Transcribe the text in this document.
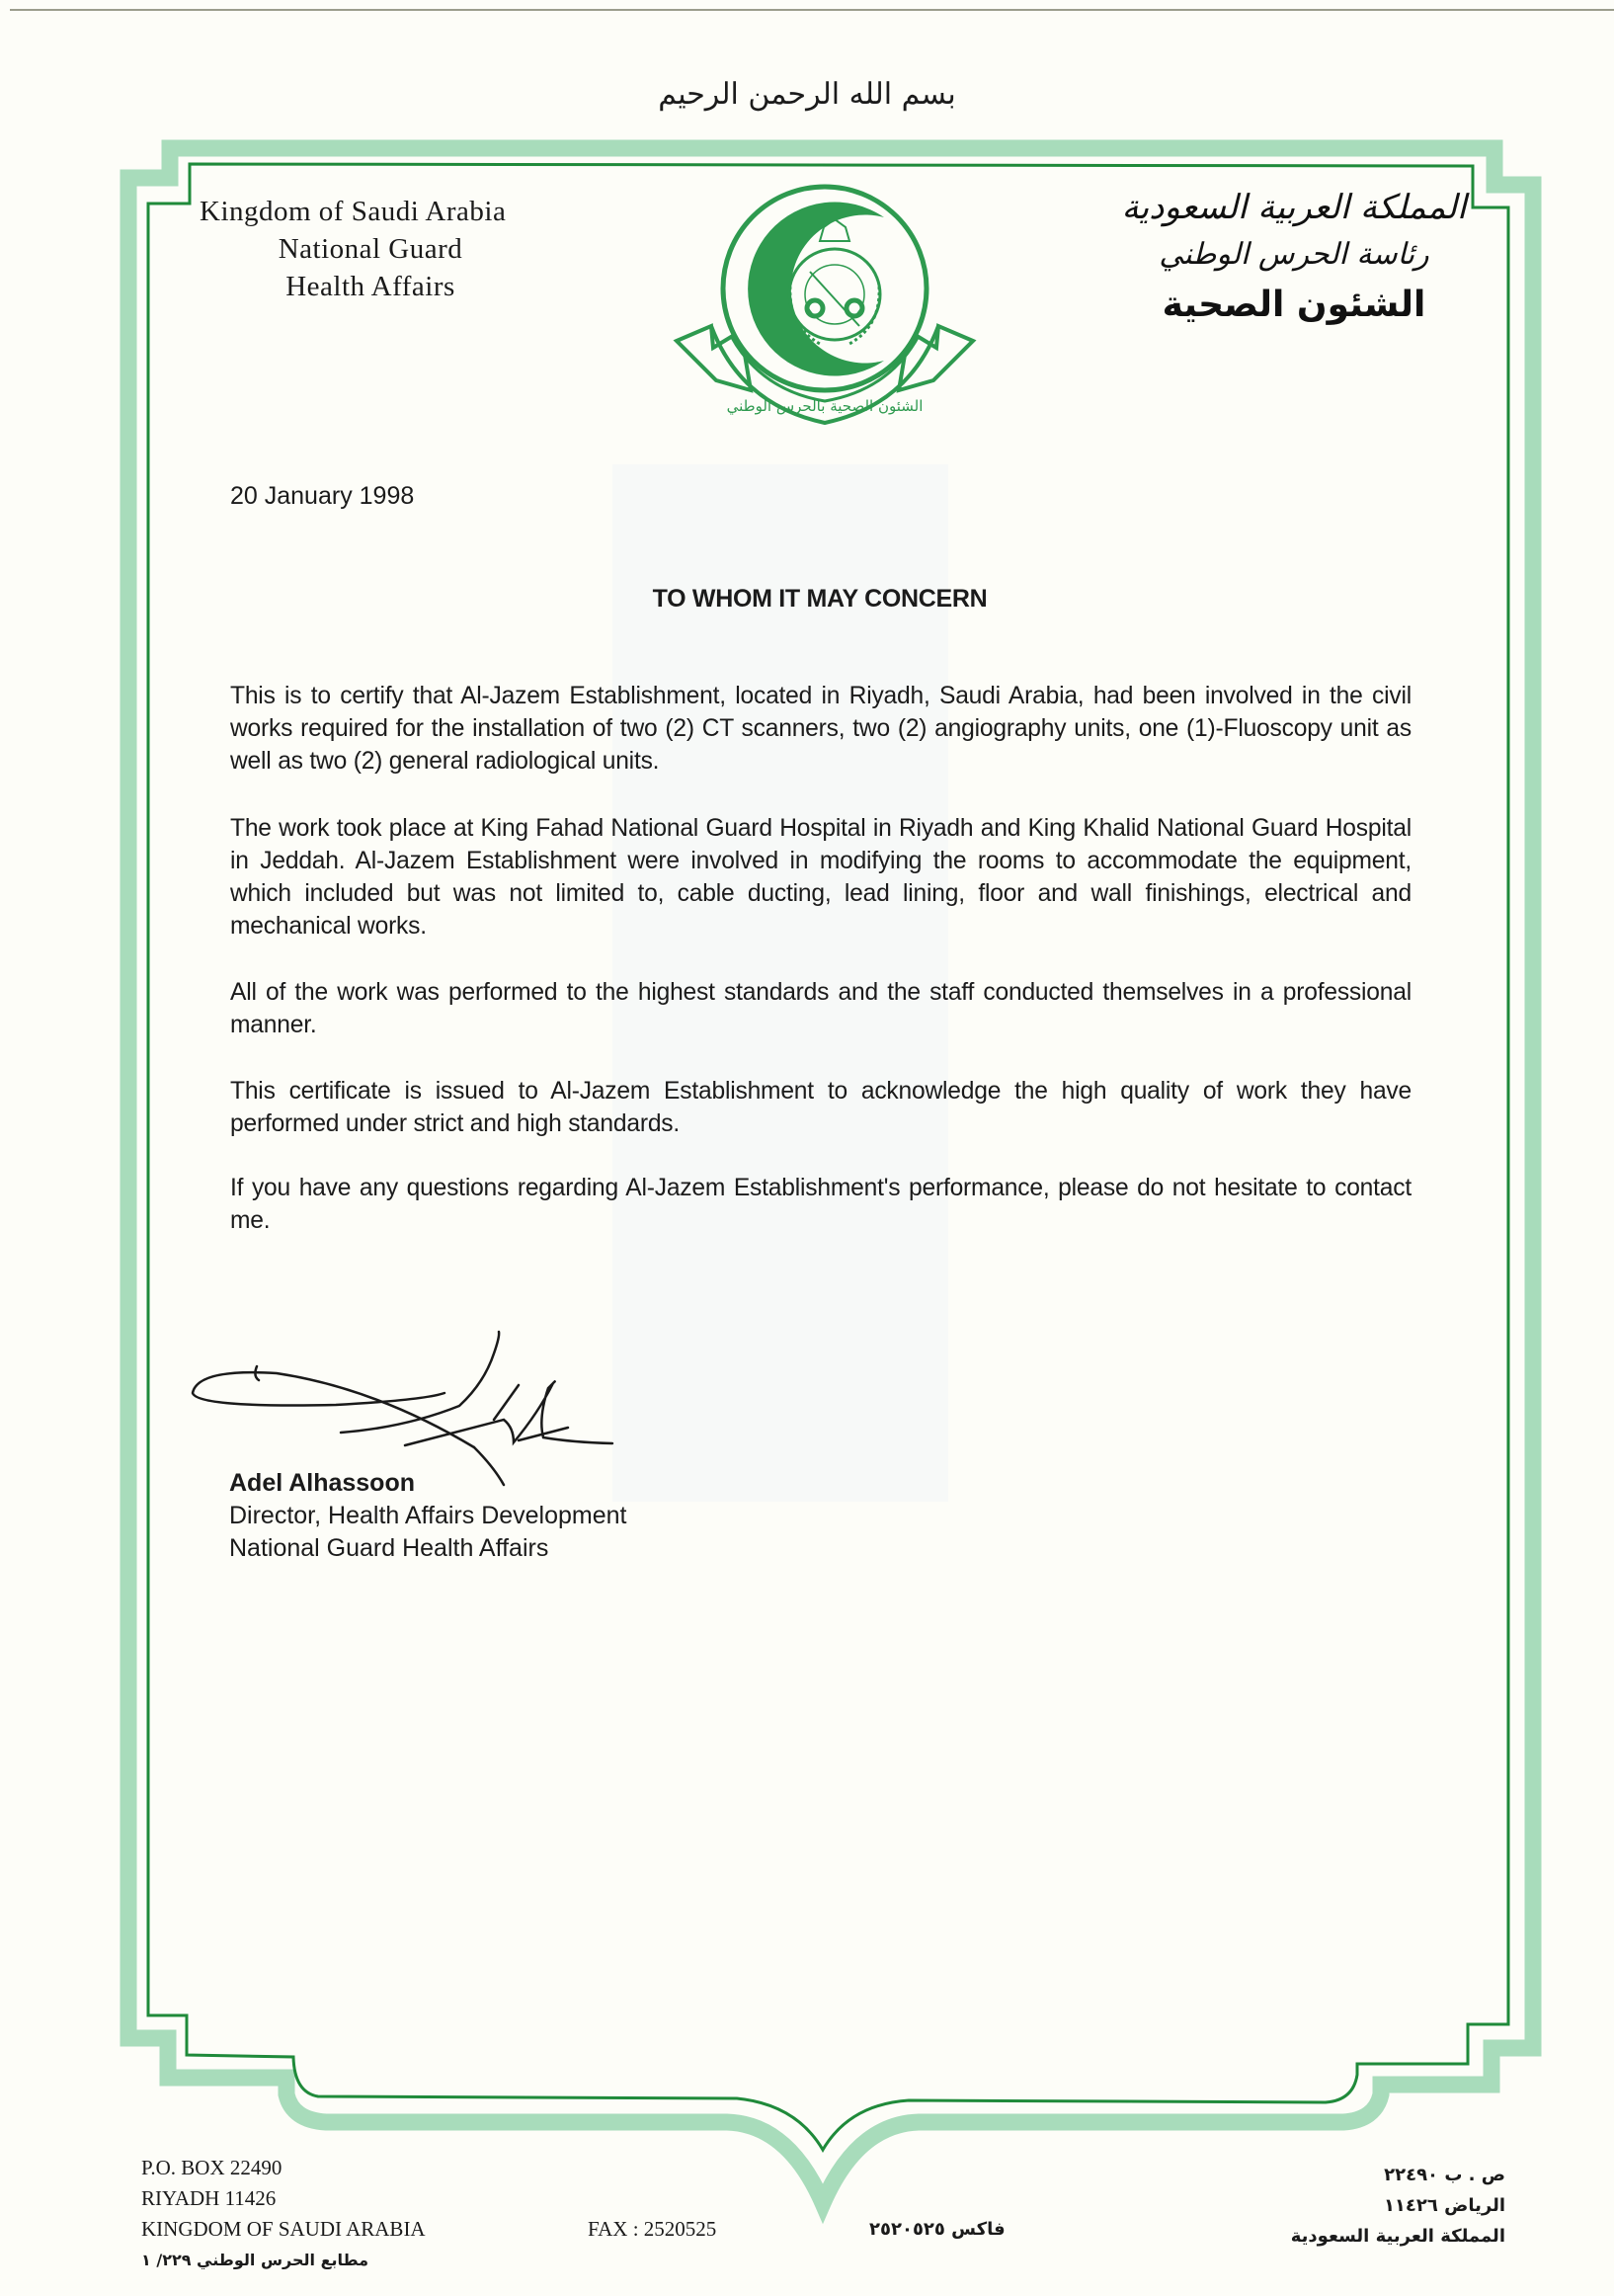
بسم الله الرحمن الرحيم
Kingdom of Saudi Arabia
National Guard
Health Affairs
المملكة العربية السعودية
رئاسة الحرس الوطني
الشئون الصحية
الشئون الصحية بالحرس الوطني
20 January 1998
TO WHOM IT MAY CONCERN
This is to certify that Al-Jazem Establishment, located in Riyadh, Saudi Arabia, had been involved in the civil works required for the installation of two (2) CT scanners, two (2) angiography units, one (1)-Fluoscopy unit as well as two (2) general radiological units.
The work took place at King Fahad National Guard Hospital in Riyadh and King Khalid National Guard Hospital in Jeddah. Al-Jazem Establishment were involved in modifying the rooms to accommodate the equipment, which included but was not limited to, cable ducting, lead lining, floor and wall finishings, electrical and mechanical works.
All of the work was performed to the highest standards and the staff conducted themselves in a professional manner.
This certificate is issued to Al-Jazem Establishment to acknowledge the high quality of work they have performed under strict and high standards.
If you have any questions regarding Al-Jazem Establishment's performance, please do not hesitate to contact me.
Adel Alhassoon
Director, Health Affairs Development
National Guard Health Affairs
P.O. BOX 22490
RIYADH 11426
KINGDOM OF SAUDI ARABIA
مطابع الحرس الوطني ٢٢٩/ ١
FAX : 2520525	فاكس ٢٥٢٠٥٢٥
ص . ب ٢٢٤٩٠
الرياض ١١٤٢٦
المملكة العربية السعودية
